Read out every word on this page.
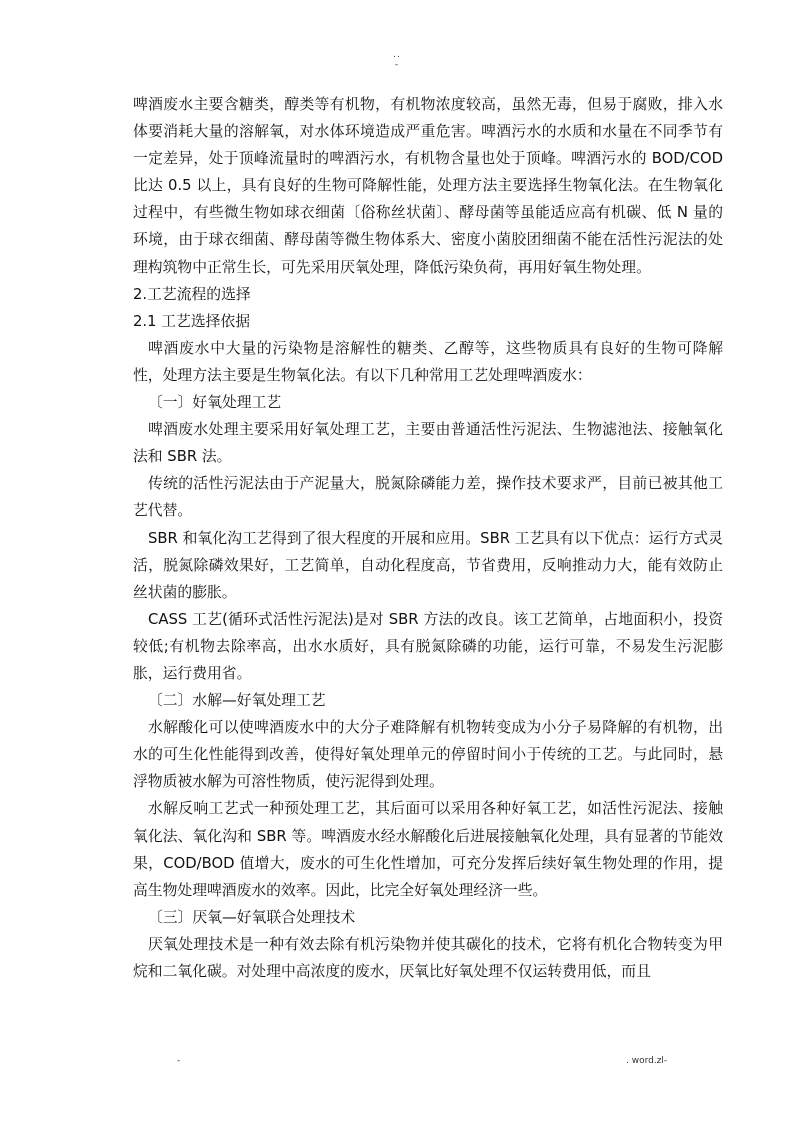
..
-

啤酒废水主要含糖类，醇类等有机物，有机物浓度较高，虽然无毒，但易于腐败，排入水体要消耗大量的溶解氧，对水体环境造成严重危害。啤酒污水的水质和水量在不同季节有一定差异，处于顶峰流量时的啤酒污水，有机物含量也处于顶峰。啤酒污水的 BOD/COD 比达 0.5 以上，具有良好的生物可降解性能，处理方法主要选择生物氧化法。在生物氧化过程中，有些微生物如球衣细菌〔俗称丝状菌〕、酵母菌等虽能适应高有机碳、低 N 量的环境，由于球衣细菌、酵母菌等微生物体系大、密度小菌胶团细菌不能在活性污泥法的处理构筑物中正常生长，可先采用厌氧处理，降低污染负荷，再用好氧生物处理。

2.工艺流程的选择

2.1 工艺选择依据

啤酒废水中大量的污染物是溶解性的糖类、乙醇等，这些物质具有良好的生物可降解性，处理方法主要是生物氧化法。有以下几种常用工艺处理啤酒废水：

〔一〕好氧处理工艺

啤酒废水处理主要采用好氧处理工艺，主要由普通活性污泥法、生物滤池法、接触氧化法和 SBR 法。

传统的活性污泥法由于产泥量大，脱氮除磷能力差，操作技术要求严，目前已被其他工艺代替。

SBR 和氧化沟工艺得到了很大程度的开展和应用。SBR 工艺具有以下优点：运行方式灵活，脱氮除磷效果好，工艺简单，自动化程度高，节省费用，反响推动力大，能有效防止丝状菌的膨胀。

CASS 工艺(循环式活性污泥法)是对 SBR 方法的改良。该工艺简单，占地面积小，投资较低;有机物去除率高，出水水质好，具有脱氮除磷的功能，运行可靠，不易发生污泥膨胀，运行费用省。

〔二〕水解—好氧处理工艺

水解酸化可以使啤酒废水中的大分子难降解有机物转变成为小分子易降解的有机物，出水的可生化性能得到改善，使得好氧处理单元的停留时间小于传统的工艺。与此同时，悬浮物质被水解为可溶性物质，使污泥得到处理。

水解反响工艺式一种预处理工艺，其后面可以采用各种好氧工艺，如活性污泥法、接触氧化法、氧化沟和 SBR 等。啤酒废水经水解酸化后进展接触氧化处理，具有显著的节能效果，COD/BOD 值增大，废水的可生化性增加，可充分发挥后续好氧生物处理的作用，提高生物处理啤酒废水的效率。因此，比完全好氧处理经济一些。

〔三〕厌氧—好氧联合处理技术

厌氧处理技术是一种有效去除有机污染物并使其碳化的技术，它将有机化合物转变为甲烷和二氧化碳。对处理中高浓度的废水，厌氧比好氧处理不仅运转费用低，而且

-	. word.zl-
